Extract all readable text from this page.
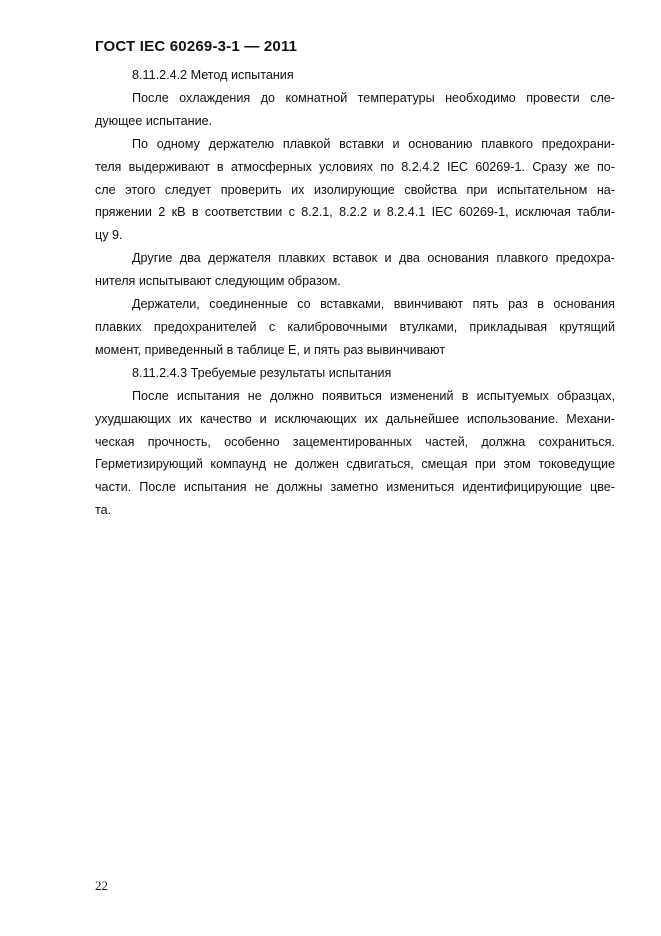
ГОСТ IEC 60269-3-1 — 2011
8.11.2.4.2 Метод испытания
После охлаждения до комнатной температуры необходимо провести сле-
дующее испытание.
По одному держателю плавкой вставки и основанию плавкого предохрани-
теля выдерживают в атмосферных условиях по 8.2.4.2 IEC 60269-1. Сразу же по-
сле этого следует проверить их изолирующие свойства при испытательном на-
пряжении 2 кВ в соответствии с 8.2.1, 8.2.2 и 8.2.4.1 IEC 60269-1, исключая табли-
цу 9.
Другие два держателя плавких вставок и два основания плавкого предохра-
нителя испытывают следующим образом.
Держатели, соединенные со вставками, ввинчивают пять раз в основания
плавких предохранителей с калибровочными втулками, прикладывая крутящий
момент, приведенный в таблице Е, и пять раз вывинчивают
8.11.2.4.3 Требуемые результаты испытания
После испытания не должно появиться изменений в испытуемых образцах,
ухудшающих их качество и исключающих их дальнейшее использование. Механи-
ческая прочность, особенно зацементированных частей, должна сохраниться.
Герметизирующий компаунд не должен сдвигаться, смещая при этом токоведущие
части. После испытания не должны заметно измениться идентифицирующие цве-
та.
22
